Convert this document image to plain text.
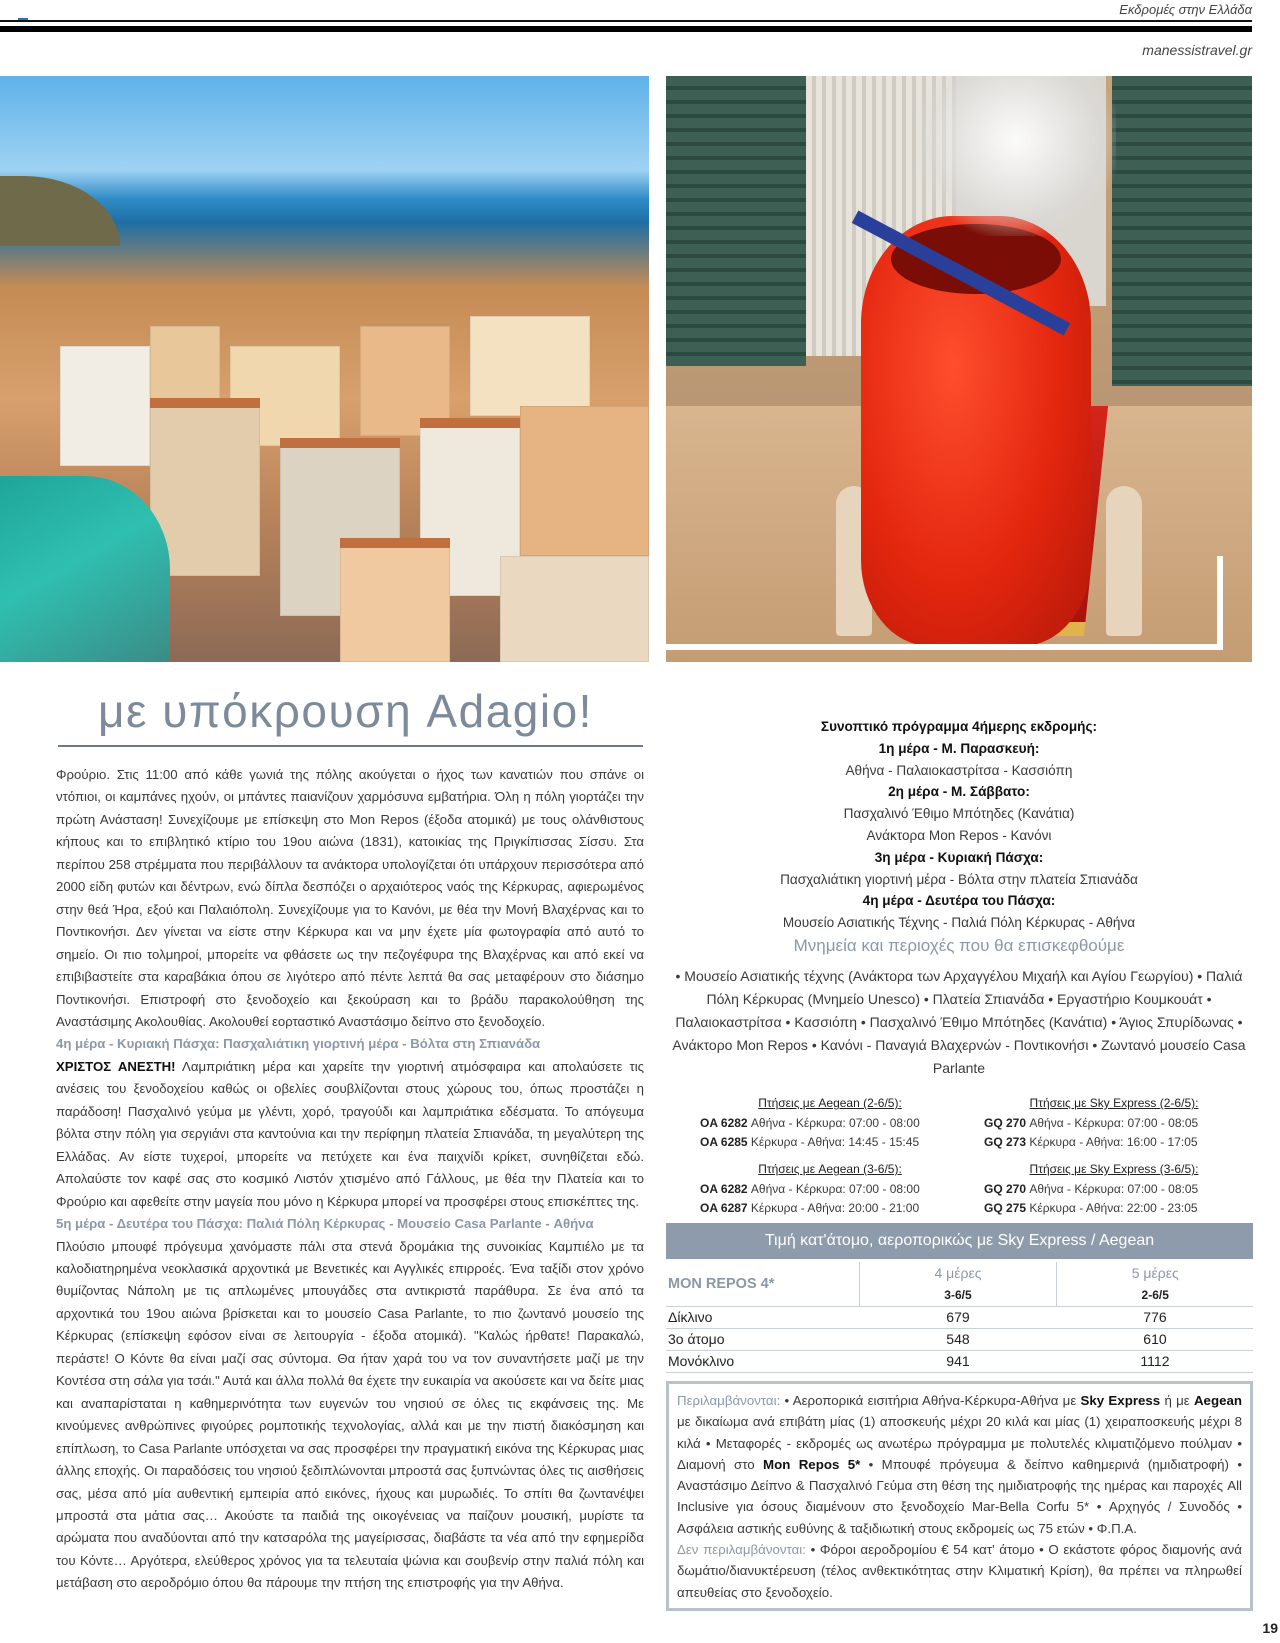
Εκδρομές στην Ελλάδα
manessistravel.gr
με υπόκρουση Adagio!

Φρούριο. Στις 11:00 από κάθε γωνιά της πόλης ακούγεται ο ήχος των κανατιών που σπάνε οι ντόπιοι, οι καμπάνες ηχούν, οι μπάντες παιανίζουν χαρμόσυνα εμβατήρια. Όλη η πόλη γιορτάζει την πρώτη Ανάσταση! Συνεχίζουμε με επίσκεψη στο Mon Repos (έξοδα ατομικά) με τους ολάνθιστους κήπους και το επιβλητικό κτίριο του 19ου αιώνα (1831), κατοικίας της Πριγκίπισσας Σίσσυ. Στα περίπου 258 στρέμματα που περιβάλλουν τα ανάκτορα υπολογίζεται ότι υπάρχουν περισσότερα από 2000 είδη φυτών και δέντρων, ενώ δίπλα δεσπόζει ο αρχαιότερος ναός της Κέρκυρας, αφιερωμένος στην θεά Ήρα, εξού και Παλαιόπολη. Συνεχίζουμε για το Κανόνι, με θέα την Μονή Βλαχέρνας και το Ποντικονήσι. Δεν γίνεται να είστε στην Κέρκυρα και να μην έχετε μία φωτογραφία από αυτό το σημείο. Οι πιο τολμηροί, μπορείτε να φθάσετε ως την πεζογέφυρα της Βλαχέρνας και από εκεί να επιβιβαστείτε στα καραβάκια όπου σε λιγότερο από πέντε λεπτά θα σας μεταφέρουν στο διάσημο Ποντικονήσι. Επιστροφή στο ξενοδοχείο και ξεκούραση και το βράδυ παρακολούθηση της Αναστάσιμης Ακολουθίας. Ακολουθεί εορταστικό Αναστάσιμο δείπνο στο ξενοδοχείο.

4η μέρα - Κυριακή Πάσχα: Πασχαλιάτικη γιορτινή μέρα - Βόλτα στη Σπιανάδα

ΧΡΙΣΤΟΣ ΑΝΕΣΤΗ! Λαμπριάτικη μέρα και χαρείτε την γιορτινή ατμόσφαιρα και απολαύσετε τις ανέσεις του ξενοδοχείου καθώς οι οβελίες σουβλίζονται στους χώρους του, όπως προστάζει η παράδοση! Πασχαλινό γεύμα με γλέντι, χορό, τραγούδι και λαμπριάτικα εδέσματα. Το απόγευμα βόλτα στην πόλη για σεργιάνι στα καντούνια και την περίφημη πλατεία Σπιανάδα, τη μεγαλύτερη της Ελλάδας. Αν είστε τυχεροί, μπορείτε να πετύχετε και ένα παιχνίδι κρίκετ, συνηθίζεται εδώ. Απολαύστε τον καφέ σας στο κοσμικό Λιστόν χτισμένο από Γάλλους, με θέα την Πλατεία και το Φρούριο και αφεθείτε στην μαγεία που μόνο η Κέρκυρα μπορεί να προσφέρει στους επισκέπτες της.

5η μέρα - Δευτέρα του Πάσχα: Παλιά Πόλη Κέρκυρας - Μουσείο Casa Parlante - Αθήνα

Πλούσιο μπουφέ πρόγευμα χανόμαστε πάλι στα στενά δρομάκια της συνοικίας Καμπιέλο με τα καλοδιατηρημένα νεοκλασικά αρχοντικά με Βενετικές και Αγγλικές επιρροές. Ένα ταξίδι στον χρόνο θυμίζοντας Νάπολη με τις απλωμένες μπουγάδες στα αντικριστά παράθυρα. Σε ένα από τα αρχοντικά του 19ου αιώνα βρίσκεται και το μουσείο Casa Parlante, το πιο ζωντανό μουσείο της Κέρκυρας (επίσκεψη εφόσον είναι σε λειτουργία - έξοδα ατομικά). "Καλώς ήρθατε! Παρακαλώ, περάστε! Ο Κόντε θα είναι μαζί σας σύντομα. Θα ήταν χαρά του να τον συναντήσετε μαζί με την Κοντέσα στη σάλα για τσάι." Αυτά και άλλα πολλά θα έχετε την ευκαιρία να ακούσετε και να δείτε μιας και αναπαρίσταται η καθημερινότητα των ευγενών του νησιού σε όλες τις εκφάνσεις της. Με κινούμενες ανθρώπινες φιγούρες ρομποτικής τεχνολογίας, αλλά και με την πιστή διακόσμηση και επίπλωση, το Casa Parlante υπόσχεται να σας προσφέρει την πραγματική εικόνα της Κέρκυρας μιας άλλης εποχής. Οι παραδόσεις του νησιού ξεδιπλώνονται μπροστά σας ξυπνώντας όλες τις αισθήσεις σας, μέσα από μία αυθεντική εμπειρία από εικόνες, ήχους και μυρωδιές. Το σπίτι θα ζωντανέψει μπροστά στα μάτια σας… Ακούστε τα παιδιά της οικογένειας να παίζουν μουσική, μυρίστε τα αρώματα που αναδύονται από την κατσαρόλα της μαγείρισσας, διαβάστε τα νέα από την εφημερίδα του Κόντε… Αργότερα, ελεύθερος χρόνος για τα τελευταία ψώνια και σουβενίρ στην παλιά πόλη και μετάβαση στο αεροδρόμιο όπου θα πάρουμε την πτήση της επιστροφής για την Αθήνα.

Συνοπτικό πρόγραμμα 4ήμερης εκδρομής:
1η μέρα - Μ. Παρασκευή:
Αθήνα - Παλαιοκαστρίτσα - Κασσιόπη
2η μέρα - Μ. Σάββατο:
Πασχαλινό Έθιμο Μπότηδες (Κανάτια)
Ανάκτορα Mon Repos - Κανόνι
3η μέρα - Κυριακή Πάσχα:
Πασχαλιάτικη γιορτινή μέρα - Βόλτα στην πλατεία Σπιανάδα
4η μέρα - Δευτέρα του Πάσχα:
Μουσείο Ασιατικής Τέχνης - Παλιά Πόλη Κέρκυρας - Αθήνα
Μνημεία και περιοχές που θα επισκεφθούμε
• Μουσείο Ασιατικής τέχνης (Ανάκτορα των Αρχαγγέλου Μιχαήλ και Αγίου Γεωργίου) • Παλιά Πόλη Κέρκυρας (Μνημείο Unesco) • Πλατεία Σπιανάδα • Εργαστήριο Κουμκουάτ • Παλαιοκαστρίτσα • Κασσιόπη • Πασχαλινό Έθιμο Μπότηδες (Κανάτια) • Άγιος Σπυρίδωνας • Ανάκτορο Mon Repos • Κανόνι - Παναγιά Βλαχερνών - Ποντικονήσι • Ζωντανό μουσείο Casa Parlante
Πτήσεις με Aegean (2-6/5):
OA 6282 Αθήνα - Κέρκυρα: 07:00 - 08:00
OA 6285 Κέρκυρα - Αθήνα: 14:45 - 15:45
Πτήσεις με Sky Express (2-6/5):
GQ 270 Αθήνα - Κέρκυρα: 07:00 - 08:05
GQ 273 Κέρκυρα - Αθήνα: 16:00 - 17:05
Πτήσεις με Aegean (3-6/5):
OA 6282 Αθήνα - Κέρκυρα: 07:00 - 08:00
OA 6287 Κέρκυρα - Αθήνα: 20:00 - 21:00
Πτήσεις με Sky Express (3-6/5):
GQ 270 Αθήνα - Κέρκυρα: 07:00 - 08:05
GQ 275 Κέρκυρα - Αθήνα: 22:00 - 23:05
Τιμή κατ'άτομο, αεροπορικώς με Sky Express / Aegean
MON REPOS 4*	4 μέρες	5 μέρες
	3-6/5	2-6/5
Δίκλινο	679	776
3ο άτομο	548	610
Μονόκλινο	941	1112
Περιλαμβάνονται: • Αεροπορικά εισιτήρια Αθήνα-Κέρκυρα-Αθήνα με Sky Express ή με Aegean με δικαίωμα ανά επιβάτη μίας (1) αποσκευής μέχρι 20 κιλά και μίας (1) χειραποσκευής μέχρι 8 κιλά • Μεταφορές - εκδρομές ως ανωτέρω πρόγραμμα με πολυτελές κλιματιζόμενο πούλμαν • Διαμονή στο Mon Repos 5* • Μπουφέ πρόγευμα & δείπνο καθημερινά (ημιδιατροφή) • Αναστάσιμο Δείπνο & Πασχαλινό Γεύμα στη θέση της ημιδιατροφής της ημέρας και παροχές All Inclusive για όσους διαμένουν στο ξενοδοχείο Mar-Bella Corfu 5* • Αρχηγός / Συνοδός • Ασφάλεια αστικής ευθύνης & ταξιδιωτική στους εκδρομείς ως 75 ετών • Φ.Π.Α.
Δεν περιλαμβάνονται: • Φόροι αεροδρομίου € 54 κατ' άτομο • Ο εκάστοτε φόρος διαμονής ανά δωμάτιο/διανυκτέρευση (τέλος ανθεκτικότητας στην Κλιματική Κρίση), θα πρέπει να πληρωθεί απευθείας στο ξενοδοχείο.
19
